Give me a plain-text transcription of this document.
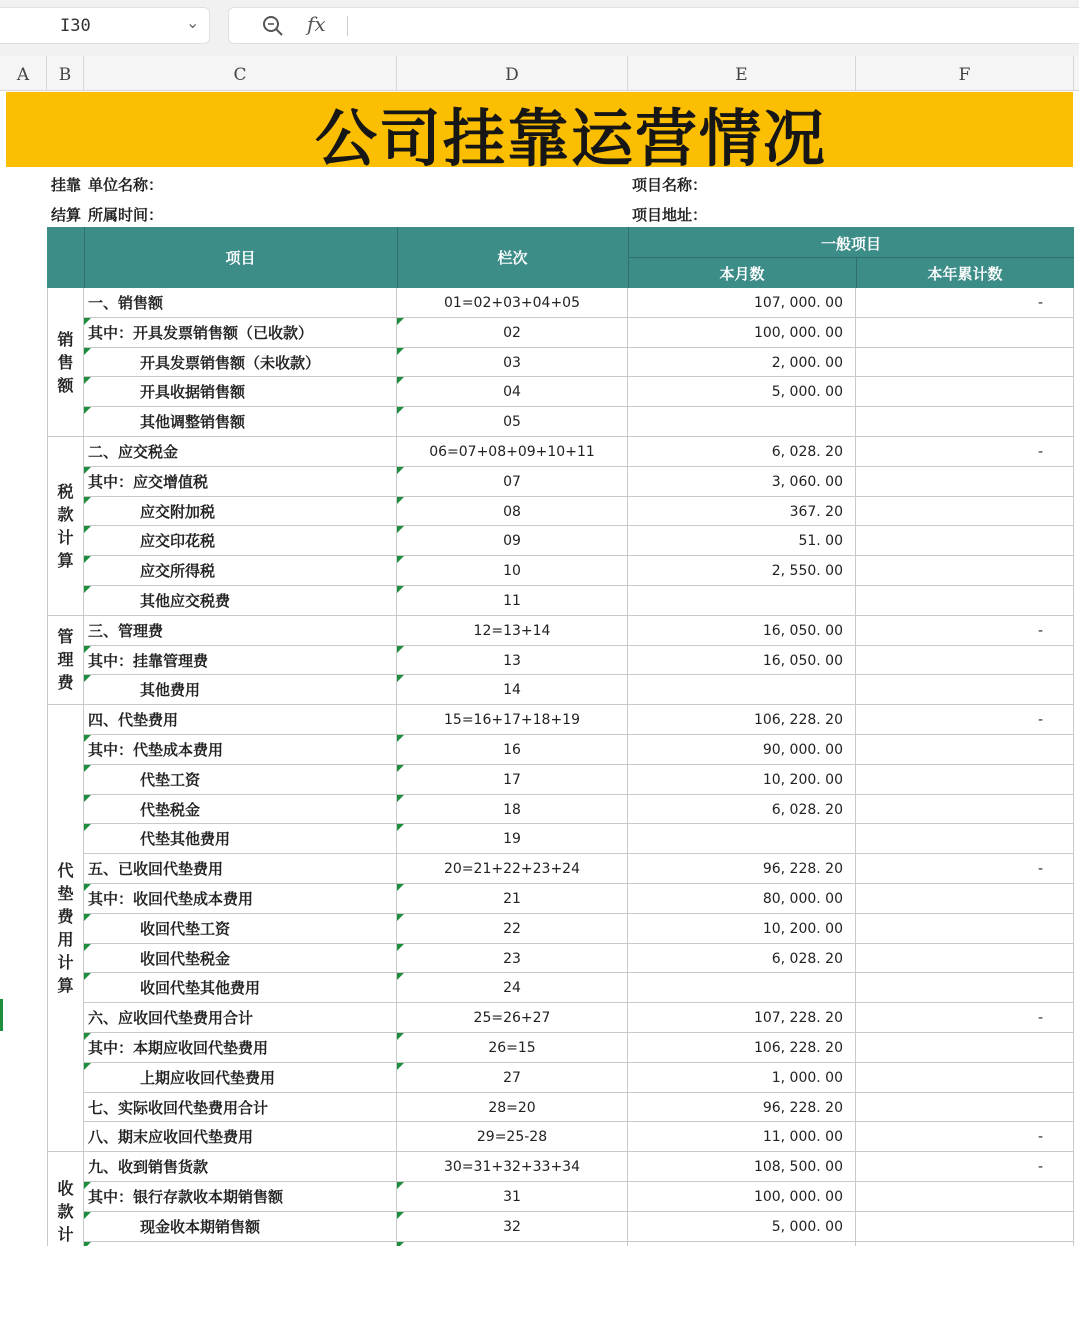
I30	⌄	fx
A	B	C	D	E	F
公司挂靠运营情况
挂靠 单位名称：
结算 所属时间：
项目名称：
项目地址：
项目	栏次
一般项目
本月数	本年累计数
一、销售额	01=02+03+04+05	107, 000. 00	-
其中：开具发票销售额（已收款）	02	100, 000. 00
开具发票销售额（未收款）	03	2, 000. 00
开具收据销售额	04	5, 000. 00
其他调整销售额	05
二、应交税金	06=07+08+09+10+11	6, 028. 20	-
其中：应交增值税	07	3, 060. 00
应交附加税	08	367. 20
应交印花税	09	51. 00
应交所得税	10	2, 550. 00
其他应交税费	11
三、管理费	12=13+14	16, 050. 00	-
其中：挂靠管理费	13	16, 050. 00
其他费用	14
四、代垫费用	15=16+17+18+19	106, 228. 20	-
其中：代垫成本费用	16	90, 000. 00
代垫工资	17	10, 200. 00
代垫税金	18	6, 028. 20
代垫其他费用	19
五、已收回代垫费用	20=21+22+23+24	96, 228. 20	-
其中：收回代垫成本费用	21	80, 000. 00
收回代垫工资	22	10, 200. 00
收回代垫税金	23	6, 028. 20
收回代垫其他费用	24
六、应收回代垫费用合计	25=26+27	107, 228. 20	-
其中：本期应收回代垫费用	26=15	106, 228. 20
上期应收回代垫费用	27	1, 000. 00
七、实际收回代垫费用合计	28=20	96, 228. 20
八、期末应收回代垫费用	29=25-28	11, 000. 00	-
九、收到销售货款	30=31+32+33+34	108, 500. 00	-
其中：银行存款收本期销售额	31	100, 000. 00
现金收本期销售额	32	5, 000. 00
销售额
税款计算
管理费
代垫费用计算
收款计
